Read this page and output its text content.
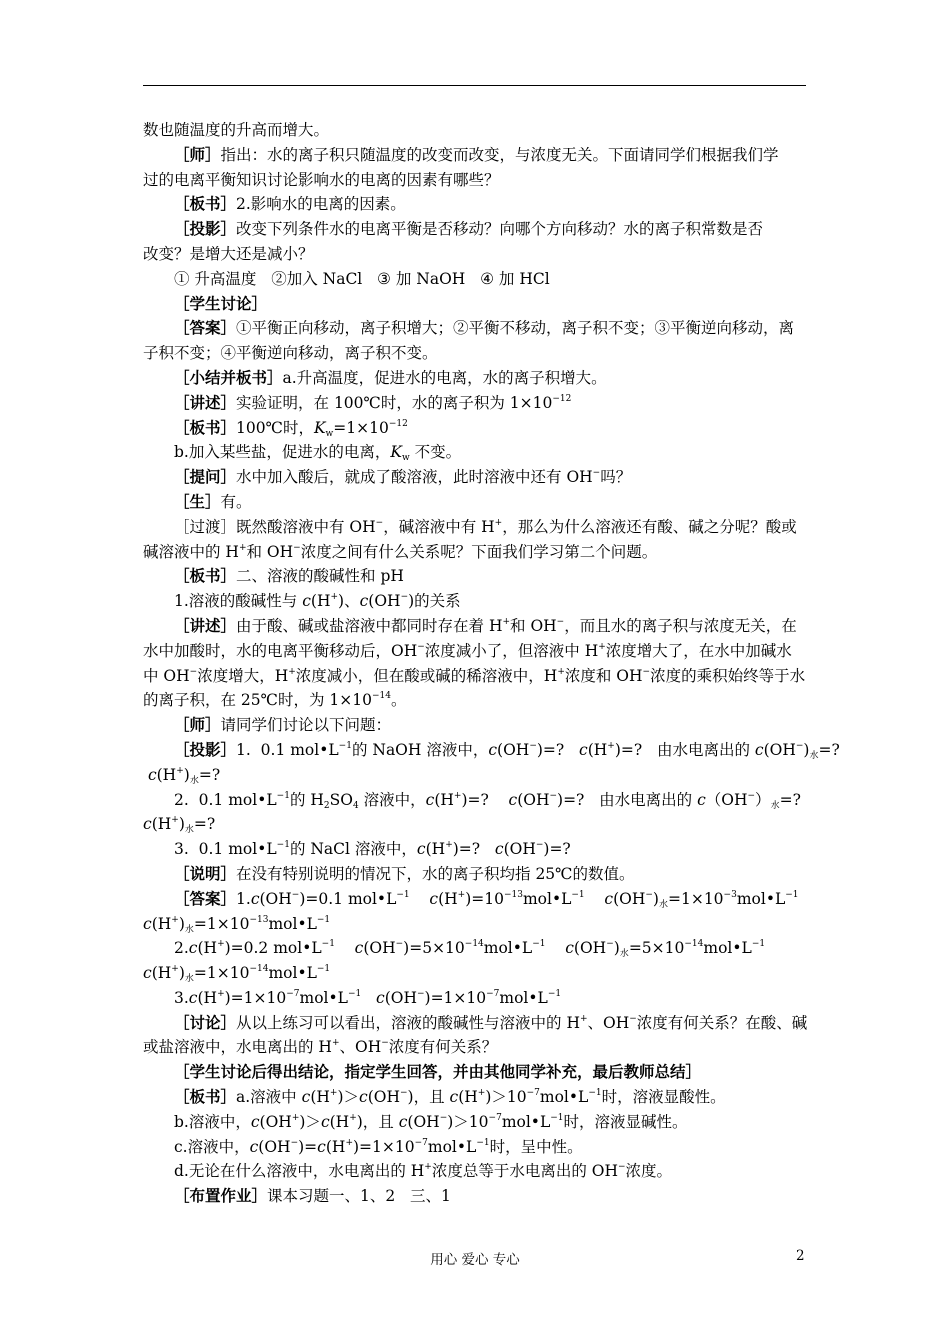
数也随温度的升高而增大。
［师］指出：水的离子积只随温度的改变而改变，与浓度无关。下面请同学们根据我们学
过的电离平衡知识讨论影响水的电离的因素有哪些？
［板书］2.影响水的电离的因素。
［投影］改变下列条件水的电离平衡是否移动？向哪个方向移动？水的离子积常数是否
改变？是增大还是减小？
① 升高温度   ②加入 NaCl   ③ 加 NaOH   ④ 加 HCl
［学生讨论］
［答案］①平衡正向移动，离子积增大；②平衡不移动，离子积不变；③平衡逆向移动，离
子积不变；④平衡逆向移动，离子积不变。
［小结并板书］a.升高温度，促进水的电离，水的离子积增大。
［讲述］实验证明，在 100℃时，水的离子积为 $1\times 10^{-12}$
［板书］100℃时，$K_w=1\times 10^{-12}$
b.加入某些盐，促进水的电离，$K_w$ 不变。
［提问］水中加入酸后，就成了酸溶液，此时溶液中还有 OH−吗？
［生］有。
［过渡］既然酸溶液中有 OH−，碱溶液中有 H+，那么为什么溶液还有酸、碱之分呢？酸或
碱溶液中的 H+和 OH−浓度之间有什么关系呢？下面我们学习第二个问题。
［板书］二、溶液的酸碱性和 pH
1.溶液的酸碱性与 c(H+)、c(OH−)的关系
［讲述］由于酸、碱或盐溶液中都同时存在着 H+和 OH−，而且水的离子积与浓度无关，在
水中加酸时，水的电离平衡移动后，OH−浓度减小了，但溶液中 H+浓度增大了，在水中加碱水
中 OH−浓度增大，H+浓度减小，但在酸或碱的稀溶液中，H+浓度和 OH−浓度的乘积始终等于水
的离子积，在 25℃时，为 $1\times 10^{-14}$。
［师］请同学们讨论以下问题：
［投影］1.  0.1 $mol•L^{-1}$的 NaOH 溶液中，c(OH−)=?   c(H+)=?   由水电离出的 $c(OH^-)_水=$?
$c(H^+)_水=$?
2.  0.1 $mol•L^{-1}$的 $H_2SO_4$ 溶液中，c(H+)=?    c(OH−)=?   由水电离出的 $c(OH^-)_水=$?
$c(H^+)_水=$?
3.  0.1 $mol•L^{-1}$的 NaCl 溶液中，c(H+)=?   c(OH−)=?
［说明］在没有特别说明的情况下，水的离子积均指 25℃的数值。
［答案］1.c(OH−)=0.1 $mol•L^{-1}$ $c(H^+)=10^{-13}mol•L^{-1}$ $c(OH^-)_水=1\times 10^{-3}mol•L^{-1}$
$c(H^+)_水=1\times 10^{-13}mol•L^{-1}$
2.c(H+)=0.2 $mol•L^{-1}$ $c(OH^-)=5\times 10^{-14}mol•L^{-1}$ $c(OH^-)_水=5\times 10^{-14}mol•L^{-1}$
$c(H^+)_水=1\times 10^{-14}mol•L^{-1}$
$3.c(H^+)=1\times 10^{-7}mol•L^{-1}$ $c(OH^-)=1\times 10^{-7}mol•L^{-1}$
［讨论］从以上练习可以看出，溶液的酸碱性与溶液中的 H+、OH−浓度有何关系？在酸、碱
或盐溶液中，水电离出的 H+、OH−浓度有何关系？
［学生讨论后得出结论，指定学生回答，并由其他同学补充，最后教师总结］
［板书］a.溶液中 c(H+)＞c(OH−)，且 $c(H^+)>10^{-7}mol•L^{-1}$时，溶液显酸性。
b.溶液中，c(OH+)＞c(H+)，且 $c(OH^-)>10^{-7}mol•L^{-1}$时，溶液显碱性。
c.溶液中，$c(OH^-)=c(H^+)=1\times 10^{-7}mol•L^{-1}$时，呈中性。
d.无论在什么溶液中，水电离出的 H+浓度总等于水电离出的 OH−浓度。
［布置作业］课本习题一、1、2   三、1
用心 爱心 专心	2
